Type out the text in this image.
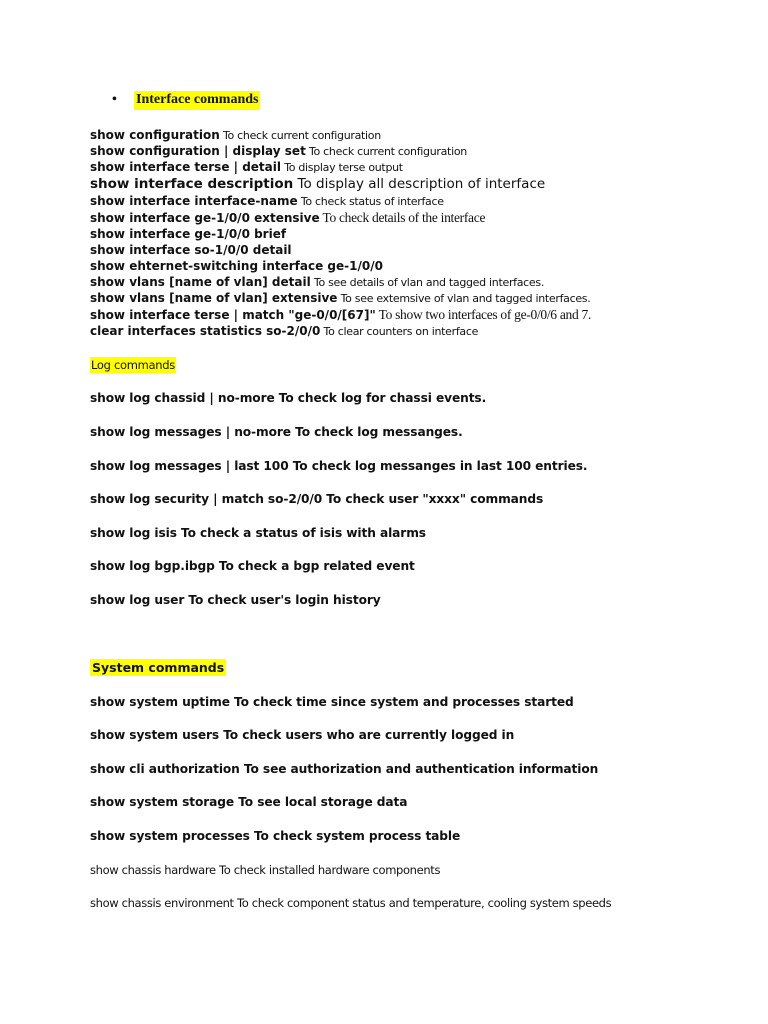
• Interface commands
show configuration To check current configuration
show configuration | display set To check current configuration
show interface terse | detail To display terse output
show interface description To display all description of interface
show interface interface-name To check status of interface
show interface ge-1/0/0 extensive To check details of the interface
show interface ge-1/0/0 brief
show interface so-1/0/0 detail
show ehternet-switching interface ge-1/0/0
show vlans [name of vlan] detail To see details of vlan and tagged interfaces.
show vlans [name of vlan] extensive To see extemsive of vlan and tagged interfaces.
show interface terse | match "ge-0/0/[67]" To show two interfaces of ge-0/0/6 and 7.
clear interfaces statistics so-2/0/0 To clear counters on interface
Log commands
show log chassid | no-more To check log for chassi events.
show log messages | no-more To check log messanges.
show log messages | last 100 To check log messanges in last 100 entries.
show log security | match so-2/0/0 To check user "xxxx" commands
show log isis To check a status of isis with alarms
show log bgp.ibgp To check a bgp related event
show log user To check user's login history
System commands
show system uptime To check time since system and processes started
show system users To check users who are currently logged in
show cli authorization To see authorization and authentication information
show system storage To see local storage data
show system processes To check system process table
show chassis hardware To check installed hardware components
show chassis environment To check component status and temperature, cooling system speeds
